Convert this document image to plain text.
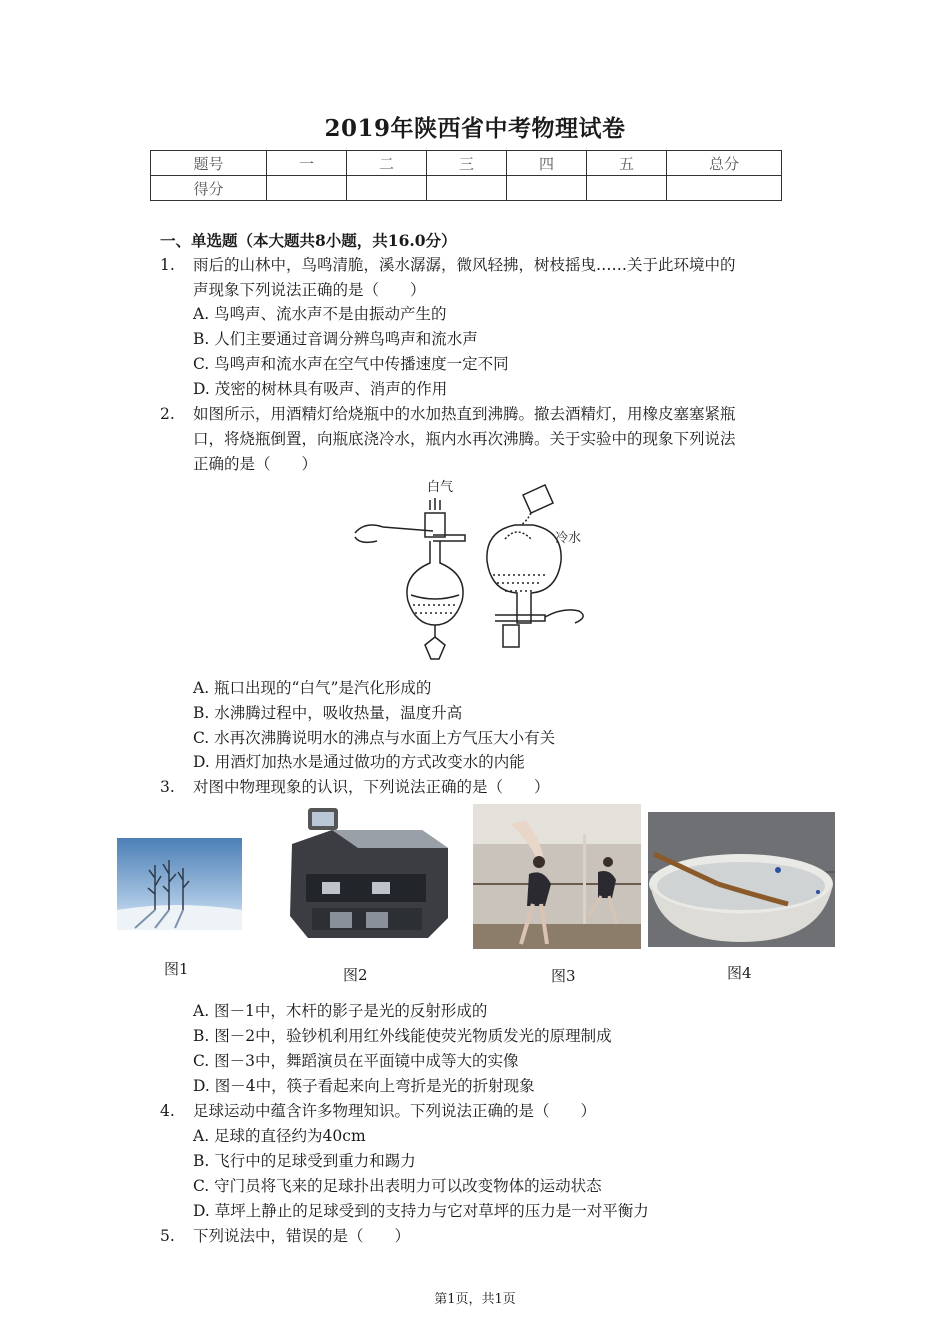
2019年陕西省中考物理试卷
题号	一	二	三	四	五	总分
得分						
一、单选题（本大题共8小题，共16.0分）
1. 雨后的山林中，鸟鸣清脆，溪水潺潺，微风轻拂，树枝摇曳……关于此环境中的
声现象下列说法正确的是（　　）
A. 鸟鸣声、流水声不是由振动产生的
B. 人们主要通过音调分辨鸟鸣声和流水声
C. 鸟鸣声和流水声在空气中传播速度一定不同
D. 茂密的树林具有吸声、消声的作用
2. 如图所示，用酒精灯给烧瓶中的水加热直到沸腾。撤去酒精灯，用橡皮塞塞紧瓶
口，将烧瓶倒置，向瓶底浇冷水，瓶内水再次沸腾。关于实验中的现象下列说法
正确的是（　　）
白气
冷水
A. 瓶口出现的“白气”是汽化形成的
B. 水沸腾过程中，吸收热量，温度升高
C. 水再次沸腾说明水的沸点与水面上方气压大小有关
D. 用酒灯加热水是通过做功的方式改变水的内能
3. 对图中物理现象的认识，下列说法正确的是（　　）
图1	图2	图3	图4
A. 图－1中，木杆的影子是光的反射形成的
B. 图－2中，验钞机利用红外线能使荧光物质发光的原理制成
C. 图－3中，舞蹈演员在平面镜中成等大的实像
D. 图－4中，筷子看起来向上弯折是光的折射现象
4. 足球运动中蕴含许多物理知识。下列说法正确的是（　　）
A. 足球的直径约为40cm
B. 飞行中的足球受到重力和踢力
C. 守门员将飞来的足球扑出表明力可以改变物体的运动状态
D. 草坪上静止的足球受到的支持力与它对草坪的压力是一对平衡力
5. 下列说法中，错误的是（　　）
第1页，共1页
